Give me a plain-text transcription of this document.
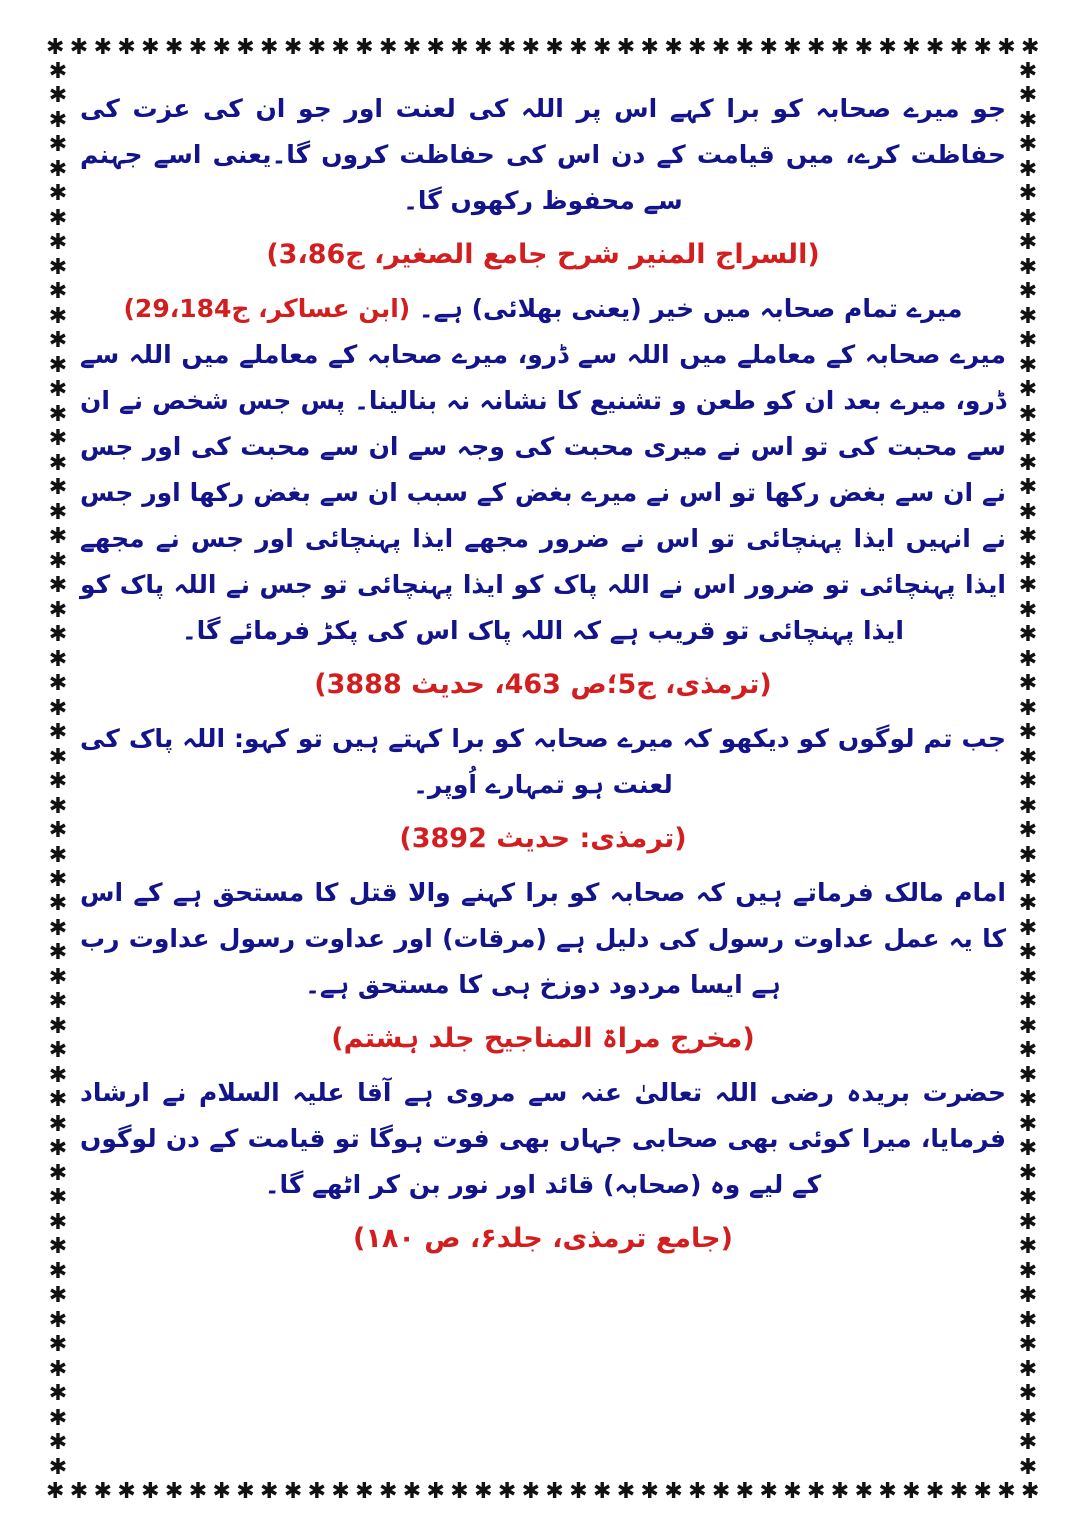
✱ ✱ ✱ ✱ ✱ ✱ ✱ ✱ ✱ ✱ ✱ ✱ ✱ ✱ ✱ ✱ ✱ ✱ ✱ ✱ ✱ ✱ ✱ ✱ ✱ ✱ ✱ ✱ ✱ ✱ ✱ ✱ ✱ ✱ ✱ ✱ ✱ ✱ ✱ ✱ ✱ ✱
✱ ✱ ✱ ✱ ✱ ✱ ✱ ✱ ✱ ✱ ✱ ✱ ✱ ✱ ✱ ✱ ✱ ✱ ✱ ✱ ✱ ✱ ✱ ✱ ✱ ✱ ✱ ✱ ✱ ✱ ✱ ✱ ✱ ✱ ✱ ✱ ✱ ✱ ✱ ✱ ✱ ✱
✱
✱
✱
✱
✱
✱
✱
✱
✱
✱
✱
✱
✱
✱
✱
✱
✱
✱
✱
✱
✱
✱
✱
✱
✱
✱
✱
✱
✱
✱
✱
✱
✱
✱
✱
✱
✱
✱
✱
✱
✱
✱
✱
✱
✱
✱
✱
✱
✱
✱
✱
✱
✱
✱
✱
✱
✱
✱
✱
✱
✱
✱
✱
✱
✱
✱
✱
✱
✱
✱
✱
✱
✱
✱
✱
✱
✱
✱
✱
✱
✱
✱
✱
✱
✱
✱
✱
✱
✱
✱
✱
✱
✱
✱
✱
✱
✱
✱
✱
✱
✱
✱
✱
✱
✱
✱
✱
✱
✱
✱
✱
✱
✱
✱
✱
✱

جو میرے صحابہ کو برا کہے اس پر اللہ کی لعنت اور جو ان کی عزت کی حفاظت کرے، میں قیامت کے دن اس کی حفاظت کروں گا۔یعنی اسے جہنم سے محفوظ رکھوں گا۔

(السراج المنیر شرح جامع الصغیر، ج3،86)

میرے تمام صحابہ میں خیر (یعنی بھلائی) ہے۔ (ابن عساکر، ج29،184)

میرے صحابہ کے معاملے میں اللہ سے ڈرو، میرے صحابہ کے معاملے میں اللہ سے ڈرو، میرے بعد ان کو طعن و تشنیع کا نشانہ نہ بنالینا۔ پس جس شخص نے ان سے محبت کی تو اس نے میری محبت کی وجہ سے ان سے محبت کی اور جس نے ان سے بغض رکھا تو اس نے میرے بغض کے سبب ان سے بغض رکھا اور جس نے انہیں ایذا پہنچائی تو اس نے ضرور مجھے ایذا پہنچائی اور جس نے مجھے ایذا پہنچائی تو ضرور اس نے اللہ پاک کو ایذا پہنچائی تو جس نے اللہ پاک کو ایذا پہنچائی تو قریب ہے کہ اللہ پاک اس کی پکڑ فرمائے گا۔

(ترمذی، ج5؛ص 463، حدیث 3888)

جب تم لوگوں کو دیکھو کہ میرے صحابہ کو برا کہتے ہیں تو کہو: اللہ پاک کی لعنت ہو تمہارے اُوپر۔

(ترمذی: حدیث 3892)

امام مالک فرماتے ہیں کہ صحابہ کو برا کہنے والا قتل کا مستحق ہے کے اس کا یہ عمل عداوت رسول کی دلیل ہے (مرقات) اور عداوت رسول عداوت رب ہے ایسا مردود دوزخ ہی کا مستحق ہے۔

(مخرج مراۃ المناجیح جلد ہشتم)

حضرت بریدہ رضی اللہ تعالیٰ عنہ سے مروی ہے آقا علیہ السلام نے ارشاد فرمایا، میرا کوئی بھی صحابی جہاں بھی فوت ہوگا تو قیامت کے دن لوگوں کے لیے وہ (صحابہ) قائد اور نور بن کر اٹھے گا۔

(جامع ترمذی، جلد۶، ص ۱۸۰)
